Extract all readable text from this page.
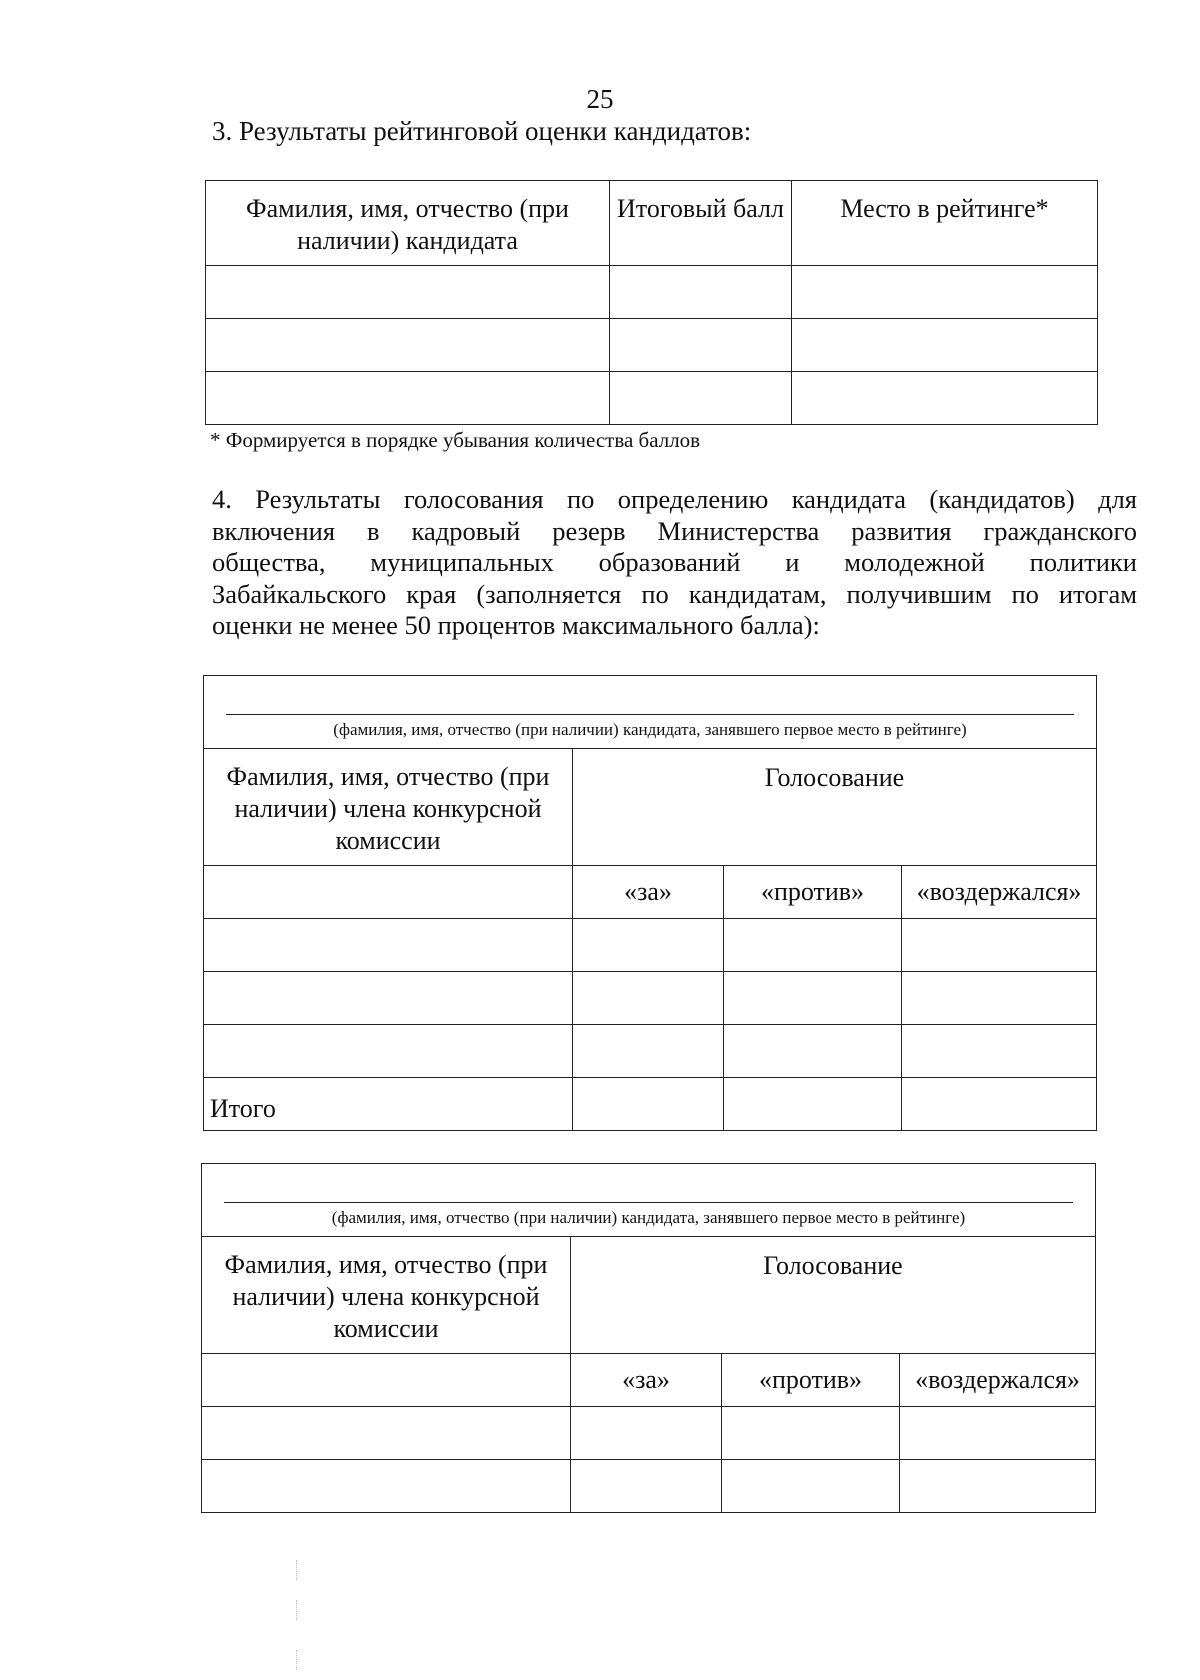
25
3. Результаты рейтинговой оценки кандидатов:
Фамилия, имя, отчество (при наличии) кандидата	Итоговый балл	Место в рейтинге*

* Формируется в порядке убывания количества баллов
4. Результаты голосования по определению кандидата (кандидатов) для
включения в кадровый резерв Министерства развития гражданского
общества, муниципальных образований и молодежной политики
Забайкальского края (заполняется по кандидатам, получившим по итогам
оценки не менее 50 процентов максимального балла):
(фамилия, имя, отчество (при наличии) кандидата, занявшего первое место в рейтинге)			

Фамилия, имя, отчество (при наличии) члена конкурсной комиссии	Голосование		
	«за»	«против»	«воздержался»

Итого			
(фамилия, имя, отчество (при наличии) кандидата, занявшего первое место в рейтинге)			

Фамилия, имя, отчество (при наличии) члена конкурсной комиссии	Голосование		
	«за»	«против»	«воздержался»
